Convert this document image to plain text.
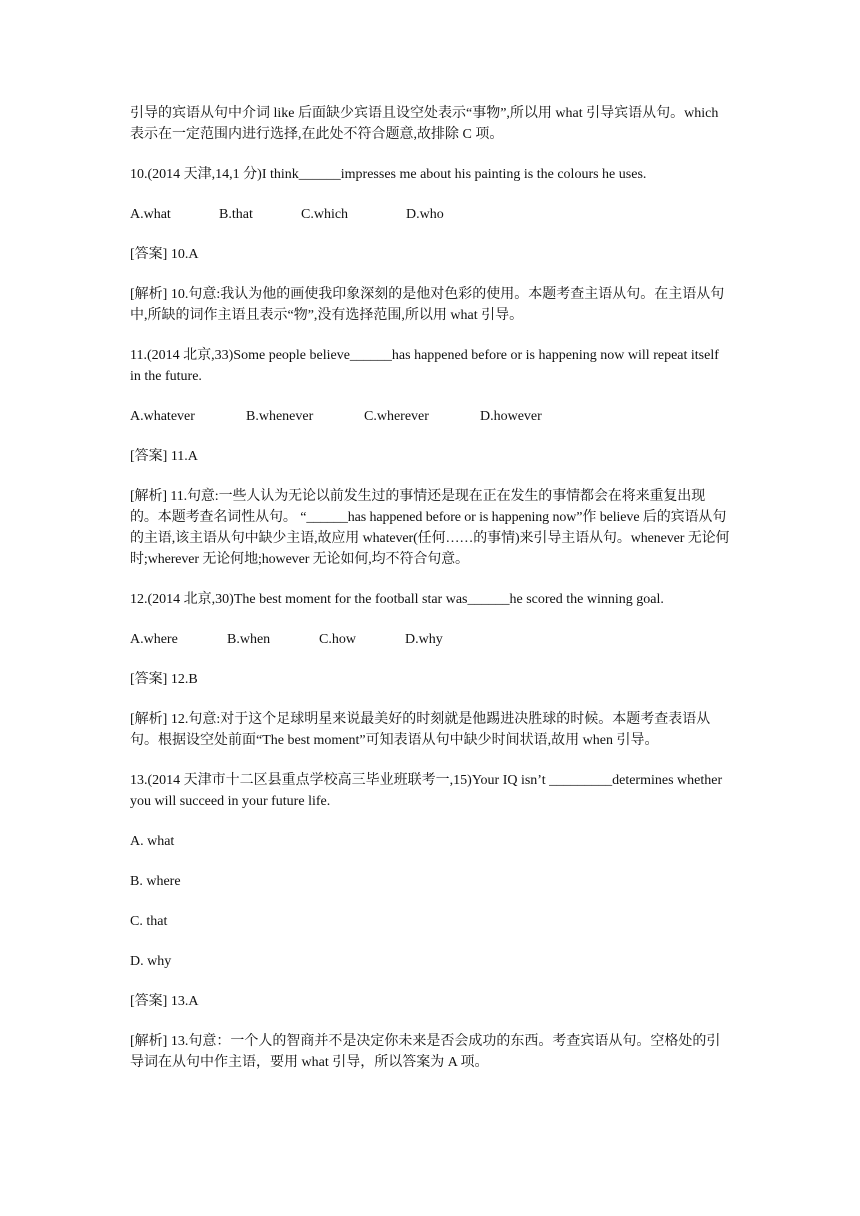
引导的宾语从句中介词 like 后面缺少宾语且设空处表示“事物”,所以用 what 引导宾语从句。which 表示在一定范围内进行选择,在此处不符合题意,故排除 C 项。

10.(2014 天津,14,1 分)I think______impresses me about his painting is the colours he uses.

A.what	B.that	C.which	D.who

[答案] 10.A

[解析] 10.句意:我认为他的画使我印象深刻的是他对色彩的使用。本题考查主语从句。在主语从句中,所缺的词作主语且表示“物”,没有选择范围,所以用 what 引导。

11.(2014 北京,33)Some people believe______has happened before or is happening now will repeat itself in the future.

A.whatever	B.whenever	C.wherever	D.however

[答案] 11.A

[解析] 11.句意:一些人认为无论以前发生过的事情还是现在正在发生的事情都会在将来重复出现的。本题考查名词性从句。 “______has happened before or is happening now”作 believe 后的宾语从句的主语,该主语从句中缺少主语,故应用 whatever(任何……的事情)来引导主语从句。whenever 无论何时;wherever 无论何地;however 无论如何,均不符合句意。

12.(2014 北京,30)The best moment for the football star was______he scored the winning goal.

A.where	B.when	C.how	D.why

[答案] 12.B

[解析] 12.句意:对于这个足球明星来说最美好的时刻就是他踢进决胜球的时候。本题考查表语从句。根据设空处前面“The best moment”可知表语从句中缺少时间状语,故用 when 引导。

13.(2014 天津市十二区县重点学校高三毕业班联考一,15)Your IQ isn’t _________determines whether you will succeed in your future life.

A. what

B. where

C. that

D. why

[答案] 13.A

[解析] 13.句意：一个人的智商并不是决定你未来是否会成功的东西。考查宾语从句。空格处的引导词在从句中作主语，要用 what 引导，所以答案为 A 项。
